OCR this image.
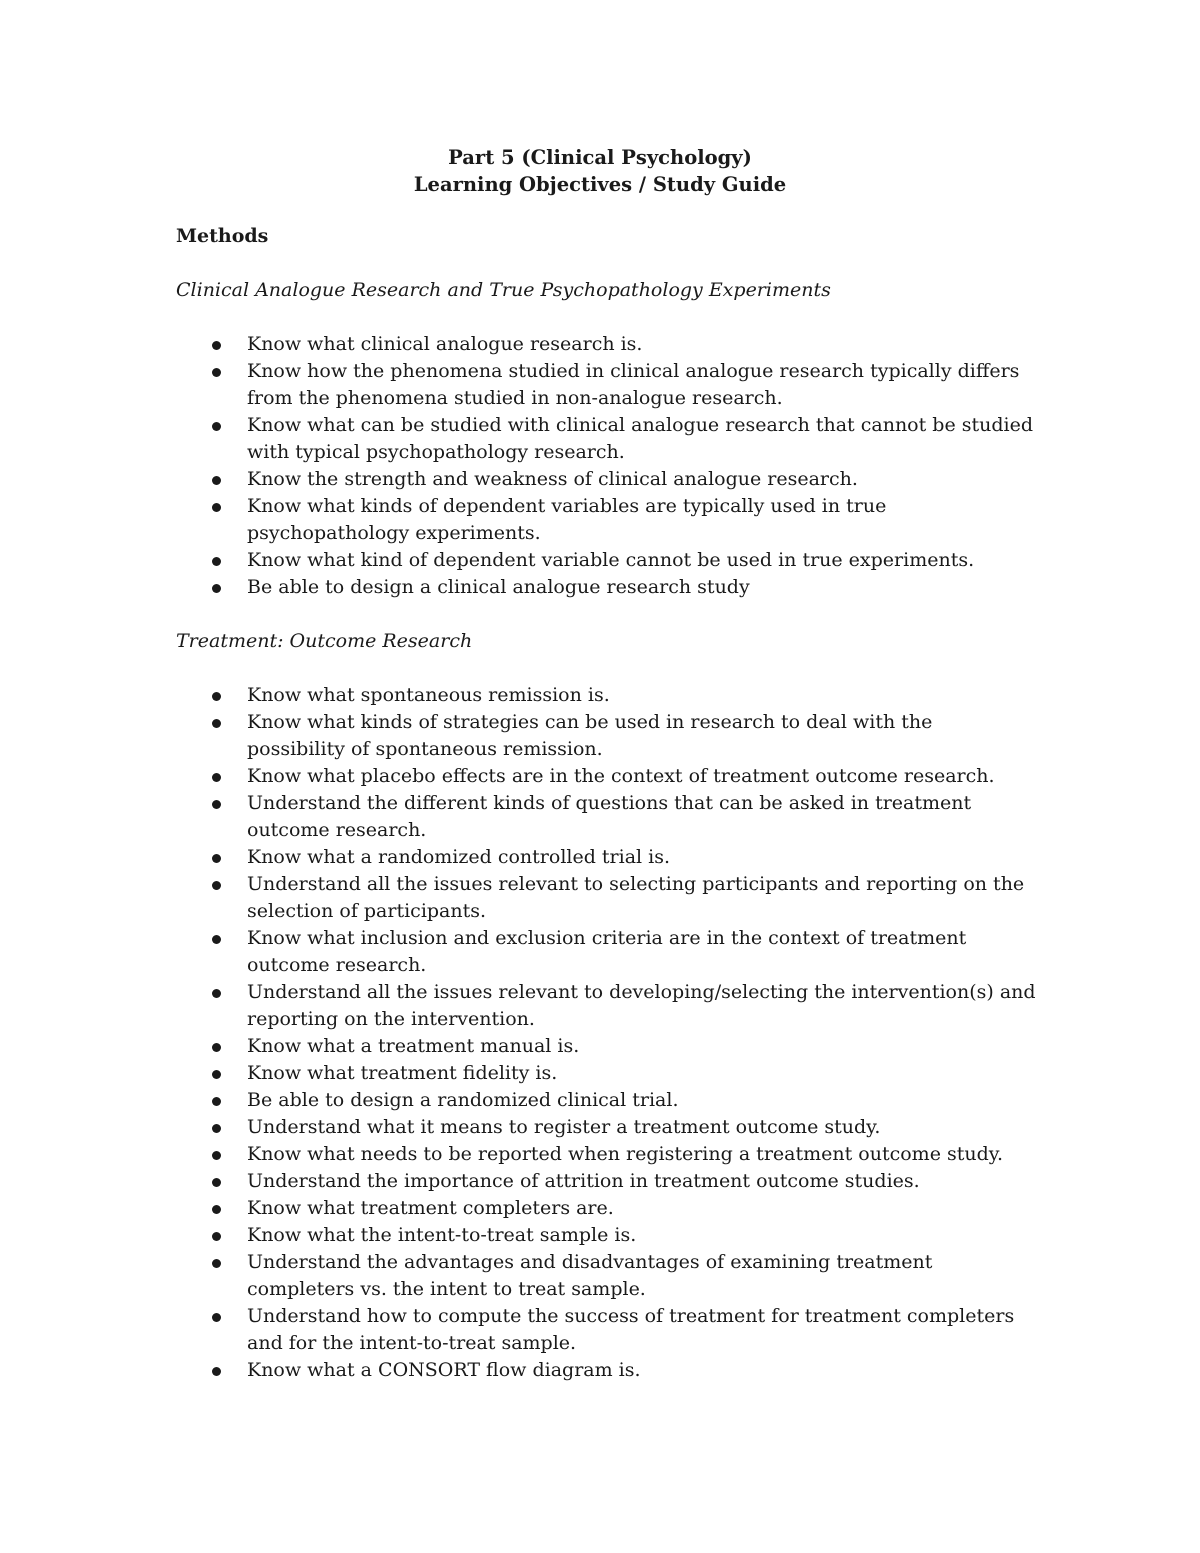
Part 5 (Clinical Psychology)
Learning Objectives / Study Guide
Methods
Clinical Analogue Research and True Psychopathology Experiments
Know what clinical analogue research is.
Know how the phenomena studied in clinical analogue research typically differs from the phenomena studied in non-analogue research.
Know what can be studied with clinical analogue research that cannot be studied with typical psychopathology research.
Know the strength and weakness of clinical analogue research.
Know what kinds of dependent variables are typically used in true psychopathology experiments.
Know what kind of dependent variable cannot be used in true experiments.
Be able to design a clinical analogue research study
Treatment: Outcome Research
Know what spontaneous remission is.
Know what kinds of strategies can be used in research to deal with the possibility of spontaneous remission.
Know what placebo effects are in the context of treatment outcome research.
Understand the different kinds of questions that can be asked in treatment outcome research.
Know what a randomized controlled trial is.
Understand all the issues relevant to selecting participants and reporting on the selection of participants.
Know what inclusion and exclusion criteria are in the context of treatment outcome research.
Understand all the issues relevant to developing/selecting the intervention(s) and reporting on the intervention.
Know what a treatment manual is.
Know what treatment fidelity is.
Be able to design a randomized clinical trial.
Understand what it means to register a treatment outcome study.
Know what needs to be reported when registering a treatment outcome study.
Understand the importance of attrition in treatment outcome studies.
Know what treatment completers are.
Know what the intent-to-treat sample is.
Understand the advantages and disadvantages of examining treatment completers vs. the intent to treat sample.
Understand how to compute the success of treatment for treatment completers and for the intent-to-treat sample.
Know what a CONSORT flow diagram is.
